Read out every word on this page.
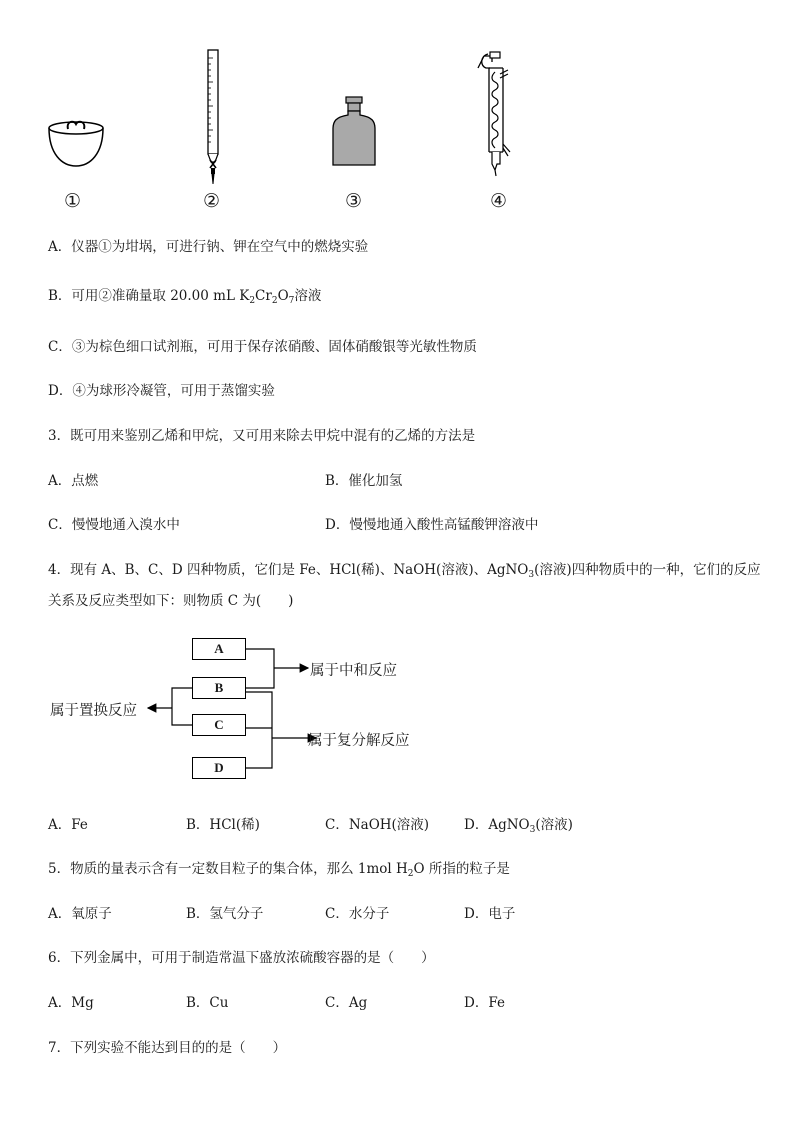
①	②	③	④
A．仪器①为坩埚，可进行钠、钾在空气中的燃烧实验
B．可用②准确量取 20.00 mL $K_2Cr_2O_7$溶液
C．③为棕色细口试剂瓶，可用于保存浓硝酸、固体硝酸银等光敏性物质
D．④为球形冷凝管，可用于蒸馏实验
3．既可用来鉴别乙烯和甲烷，又可用来除去甲烷中混有的乙烯的方法是
A．点燃	B．催化加氢
C．慢慢地通入溴水中	D．慢慢地通入酸性高锰酸钾溶液中
4．现有 A、B、C、D 四种物质，它们是 Fe、HCl(稀)、NaOH(溶液)、AgNO$_3$(溶液)四种物质中的一种，它们的反应
关系及反应类型如下：则物质 C 为(　　)
A
B
C
D
属于中和反应
属于置换反应
属于复分解反应
A．Fe	B．HCl(稀)	C．NaOH(溶液)	D．AgNO$_3$(溶液)
5．物质的量表示含有一定数目粒子的集合体，那么 1mol $H_2O$ 所指的粒子是
A．氧原子	B．氢气分子	C．水分子	D．电子
6．下列金属中，可用于制造常温下盛放浓硫酸容器的是（　　）
A．Mg	B．Cu	C．Ag	D．Fe
7．下列实验不能达到目的的是（　　）
